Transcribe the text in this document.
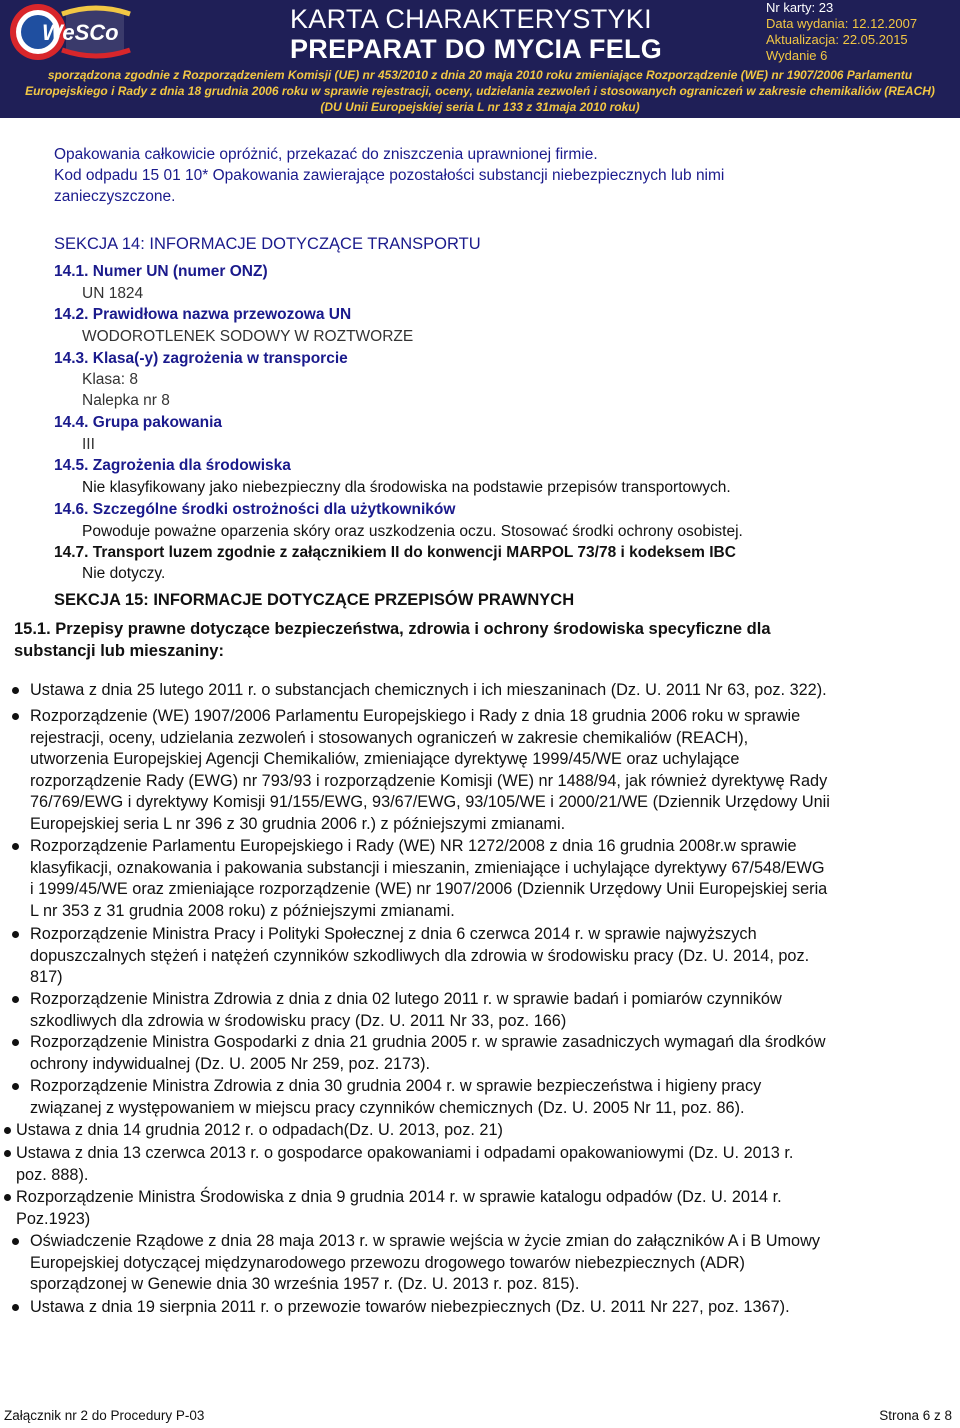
WeSCo	KARTA CHARAKTERYSTYKI
PREPARAT DO MYCIA FELG
Nr karty: 23
Data wydania: 12.12.2007
Aktualizacja: 22.05.2015
Wydanie 6
sporządzona zgodnie z Rozporządzeniem Komisji (UE) nr 453/2010 z dnia 20 maja 2010 roku zmieniające Rozporządzenie (WE) nr 1907/2006 Parlamentu
Europejskiego i Rady z dnia 18 grudnia 2006 roku w sprawie rejestracji, oceny, udzielania zezwoleń i stosowanych ograniczeń w zakresie chemikaliów (REACH)
(DU Unii Europejskiej seria L nr 133 z 31maja 2010 roku)
Opakowania całkowicie opróżnić, przekazać do zniszczenia uprawnionej firmie.
Kod odpadu 15 01 10* Opakowania zawierające pozostałości substancji niebezpiecznych lub nimi
zanieczyszczone.
SEKCJA 14: INFORMACJE DOTYCZĄCE TRANSPORTU
14.1. Numer UN (numer ONZ)
UN 1824
14.2. Prawidłowa nazwa przewozowa UN
WODOROTLENEK SODOWY W ROZTWORZE
14.3. Klasa(-y) zagrożenia w transporcie
Klasa: 8
Nalepka nr 8
14.4. Grupa pakowania
III
14.5. Zagrożenia dla środowiska
Nie klasyfikowany jako niebezpieczny dla środowiska na podstawie przepisów transportowych.
14.6. Szczególne środki ostrożności dla użytkowników
Powoduje poważne oparzenia skóry oraz uszkodzenia oczu. Stosować środki ochrony osobistej.
14.7. Transport luzem zgodnie z załącznikiem II do konwencji MARPOL 73/78 i kodeksem IBC
Nie dotyczy.
SEKCJA 15: INFORMACJE DOTYCZĄCE PRZEPISÓW PRAWNYCH
15.1. Przepisy prawne dotyczące bezpieczeństwa, zdrowia i ochrony środowiska specyficzne dla
substancji lub mieszaniny:
Ustawa z dnia 25 lutego 2011 r. o substancjach chemicznych i ich mieszaninach (Dz. U. 2011 Nr 63, poz. 322).
Rozporządzenie (WE) 1907/2006 Parlamentu Europejskiego i Rady z dnia 18 grudnia 2006 roku w sprawie
rejestracji, oceny, udzielania zezwoleń i stosowanych ograniczeń w zakresie chemikaliów (REACH),
utworzenia Europejskiej Agencji Chemikaliów, zmieniające dyrektywę 1999/45/WE oraz uchylające
rozporządzenie Rady (EWG) nr 793/93 i rozporządzenie Komisji (WE) nr 1488/94, jak również dyrektywę Rady
76/769/EWG i dyrektywy Komisji 91/155/EWG, 93/67/EWG, 93/105/WE i 2000/21/WE (Dziennik Urzędowy Unii
Europejskiej seria L nr 396 z 30 grudnia 2006 r.) z późniejszymi zmianami.
Rozporządzenie Parlamentu Europejskiego i Rady (WE) NR 1272/2008 z dnia 16 grudnia 2008r.w sprawie
klasyfikacji, oznakowania i pakowania substancji i mieszanin, zmieniające i uchylające dyrektywy 67/548/EWG
i 1999/45/WE oraz zmieniające rozporządzenie (WE) nr 1907/2006 (Dziennik Urzędowy Unii Europejskiej seria
L nr 353 z 31 grudnia 2008 roku) z późniejszymi zmianami.
Rozporządzenie Ministra Pracy i Polityki Społecznej z dnia 6 czerwca 2014 r. w sprawie najwyższych
dopuszczalnych stężeń i natężeń czynników szkodliwych dla zdrowia w środowisku pracy (Dz. U. 2014, poz.
817)
Rozporządzenie Ministra Zdrowia z dnia z dnia 02 lutego 2011 r. w sprawie badań i pomiarów czynników
szkodliwych dla zdrowia w środowisku pracy (Dz. U. 2011 Nr 33, poz. 166)
Rozporządzenie Ministra Gospodarki z dnia 21 grudnia 2005 r. w sprawie zasadniczych wymagań dla środków
ochrony indywidualnej (Dz. U. 2005 Nr 259, poz. 2173).
Rozporządzenie Ministra Zdrowia z dnia 30 grudnia 2004 r. w sprawie bezpieczeństwa i higieny pracy
związanej z występowaniem w miejscu pracy czynników chemicznych (Dz. U. 2005 Nr 11, poz. 86).
Ustawa z dnia 14 grudnia 2012 r. o odpadach(Dz. U. 2013, poz. 21)
Ustawa z dnia 13 czerwca 2013 r. o gospodarce opakowaniami i odpadami opakowaniowymi (Dz. U. 2013 r.
poz. 888).
Rozporządzenie Ministra Środowiska z dnia 9 grudnia 2014 r. w sprawie katalogu odpadów (Dz. U. 2014 r.
Poz.1923)
Oświadczenie Rządowe z dnia 28 maja 2013 r. w sprawie wejścia w życie zmian do załączników A i B Umowy
Europejskiej dotyczącej międzynarodowego przewozu drogowego towarów niebezpiecznych (ADR)
sporządzonej w Genewie dnia 30 września 1957 r. (Dz. U. 2013 r. poz. 815).
Ustawa z dnia 19 sierpnia 2011 r. o przewozie towarów niebezpiecznych (Dz. U. 2011 Nr 227, poz. 1367).
Załącznik nr 2 do Procedury P-03	Strona 6 z 8
